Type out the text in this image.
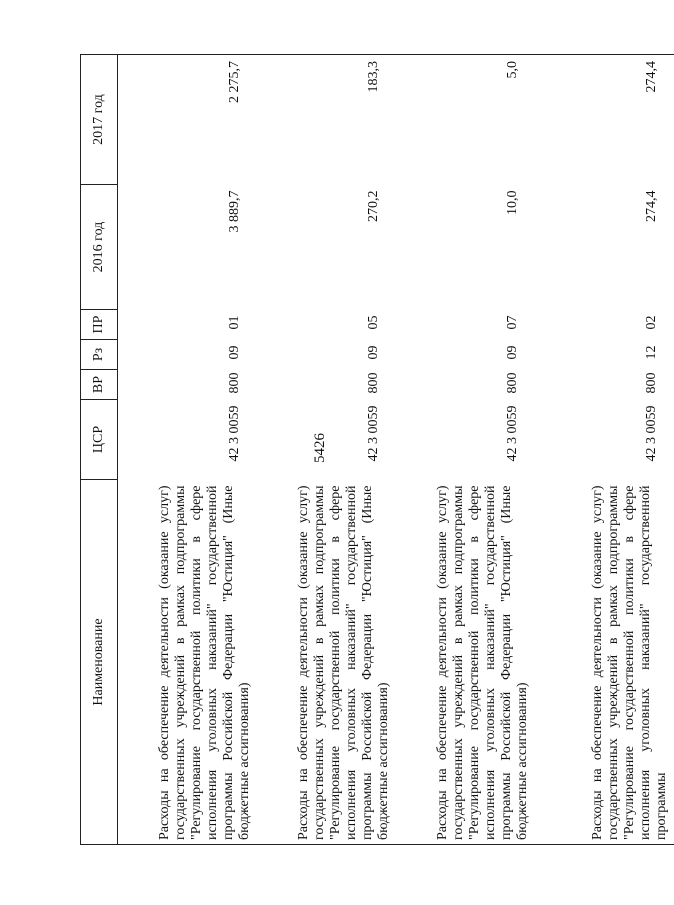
5426
Наименование	ЦСР	ВР	Рз	ПР	2016 год	2017 год
Расходы на обеспечение деятельности (оказание услуг) государственных учреждений в рамках подпрограммы "Регулирование государственной политики в сфере исполнения уголовных наказаний" государственной программы Российской Федерации "Юстиция" (Иные бюджетные ассигнования)	42 3 0059	800	09	01	3 889,7	2 275,7
Расходы на обеспечение деятельности (оказание услуг) государственных учреждений в рамках подпрограммы "Регулирование государственной политики в сфере исполнения уголовных наказаний" государственной программы Российской Федерации "Юстиция" (Иные бюджетные ассигнования)	42 3 0059	800	09	05	270,2	183,3
Расходы на обеспечение деятельности (оказание услуг) государственных учреждений в рамках подпрограммы "Регулирование государственной политики в сфере исполнения уголовных наказаний" государственной программы Российской Федерации "Юстиция" (Иные бюджетные ассигнования)	42 3 0059	800	09	07	10,0	5,0
Расходы на обеспечение деятельности (оказание услуг) государственных учреждений в рамках подпрограммы "Регулирование государственной политики в сфере исполнения уголовных наказаний" государственной программы	42 3 0059	800	12	02	274,4	274,4
